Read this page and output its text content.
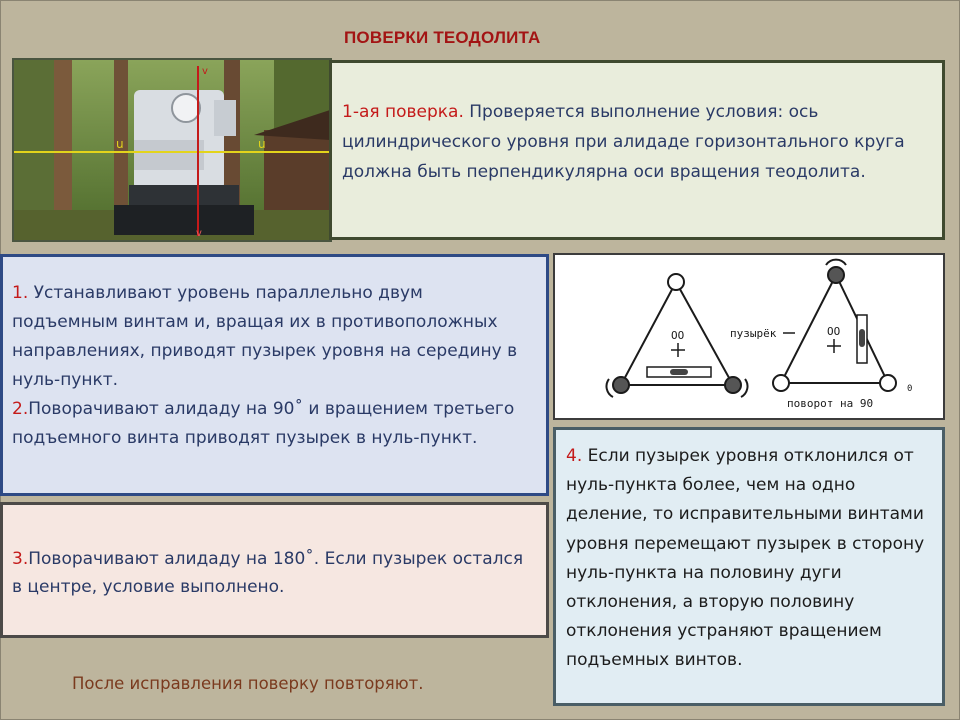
ПОВЕРКИ ТЕОДОЛИТА
u	u
v
v
1-ая поверка. Проверяется выполнение условия: ось цилиндрического уровня при алидаде горизонтального круга должна быть перпендикулярна оси вращения теодолита.
1. Устанавливают уровень параллельно двум подъемным винтам и, вращая их в противоположных направлениях, приводят пузырек уровня на середину в нуль-пункт.
2.Поворачивают алидаду на 90˚ и вращением третьего подъемного винта приводят пузырек в нуль-пункт.
OO	пузырёк	OO
поворот на 90
0
3.Поворачивают алидаду на 180˚. Если пузырек остался в центре, условие выполнено.
4. Если пузырек уровня отклонился от нуль-пункта более, чем на одно деление, то исправительными винтами уровня перемещают пузырек в сторону нуль-пункта на половину дуги отклонения, а вторую половину отклонения устраняют вращением подъемных винтов.
После исправления поверку повторяют.
